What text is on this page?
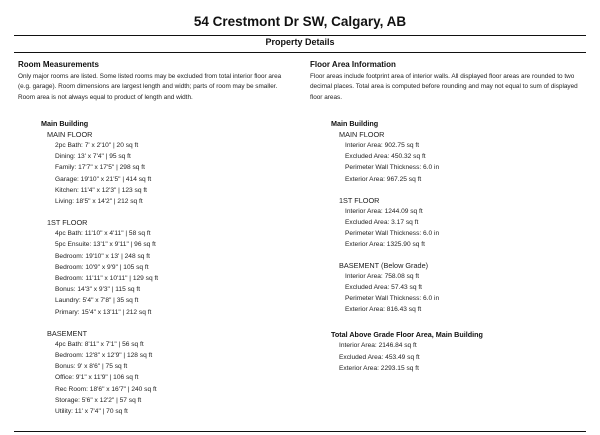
54 Crestmont Dr SW, Calgary, AB
Property Details
Room Measurements
Only major rooms are listed. Some listed rooms may be excluded from total interior floor area
(e.g. garage). Room dimensions are largest length and width; parts of room may be smaller.
Room area is not always equal to product of length and width.
Main Building
MAIN FLOOR
2pc Bath: 7' x 2'10" | 20 sq ft
Dining: 13' x 7'4" | 95 sq ft
Family: 17'7" x 17'5" | 298 sq ft
Garage: 19'10" x 21'5" | 414 sq ft
Kitchen: 11'4" x 12'3" | 123 sq ft
Living: 18'5" x 14'2" | 212 sq ft
1ST FLOOR
4pc Bath: 11'10" x 4'11" | 58 sq ft
5pc Ensuite: 13'1" x 9'11" | 96 sq ft
Bedroom: 19'10" x 13' | 248 sq ft
Bedroom: 10'9" x 9'9" | 105 sq ft
Bedroom: 11'11" x 10'11" | 129 sq ft
Bonus: 14'3" x 9'3" | 115 sq ft
Laundry: 5'4" x 7'8" | 35 sq ft
Primary: 15'4" x 13'11" | 212 sq ft
BASEMENT
4pc Bath: 8'11" x 7'1" | 56 sq ft
Bedroom: 12'8" x 12'9" | 128 sq ft
Bonus: 9' x 8'6" | 75 sq ft
Office: 9'1" x 11'9" | 106 sq ft
Rec Room: 18'6" x 16'7" | 240 sq ft
Storage: 5'6" x 12'2" | 57 sq ft
Utility: 11' x 7'4" | 70 sq ft
Floor Area Information
Floor areas include footprint area of interior walls. All displayed floor areas are rounded to two
decimal places. Total area is computed before rounding and may not equal to sum of displayed
floor areas.
Main Building
MAIN FLOOR
Interior Area: 902.75 sq ft
Excluded Area: 450.32 sq ft
Perimeter Wall Thickness: 6.0 in
Exterior Area: 967.25 sq ft
1ST FLOOR
Interior Area: 1244.09 sq ft
Excluded Area: 3.17 sq ft
Perimeter Wall Thickness: 6.0 in
Exterior Area: 1325.90 sq ft
BASEMENT (Below Grade)
Interior Area: 758.08 sq ft
Excluded Area: 57.43 sq ft
Perimeter Wall Thickness: 6.0 in
Exterior Area: 816.43 sq ft
Total Above Grade Floor Area, Main Building
Interior Area: 2146.84 sq ft
Excluded Area: 453.49 sq ft
Exterior Area: 2293.15 sq ft
